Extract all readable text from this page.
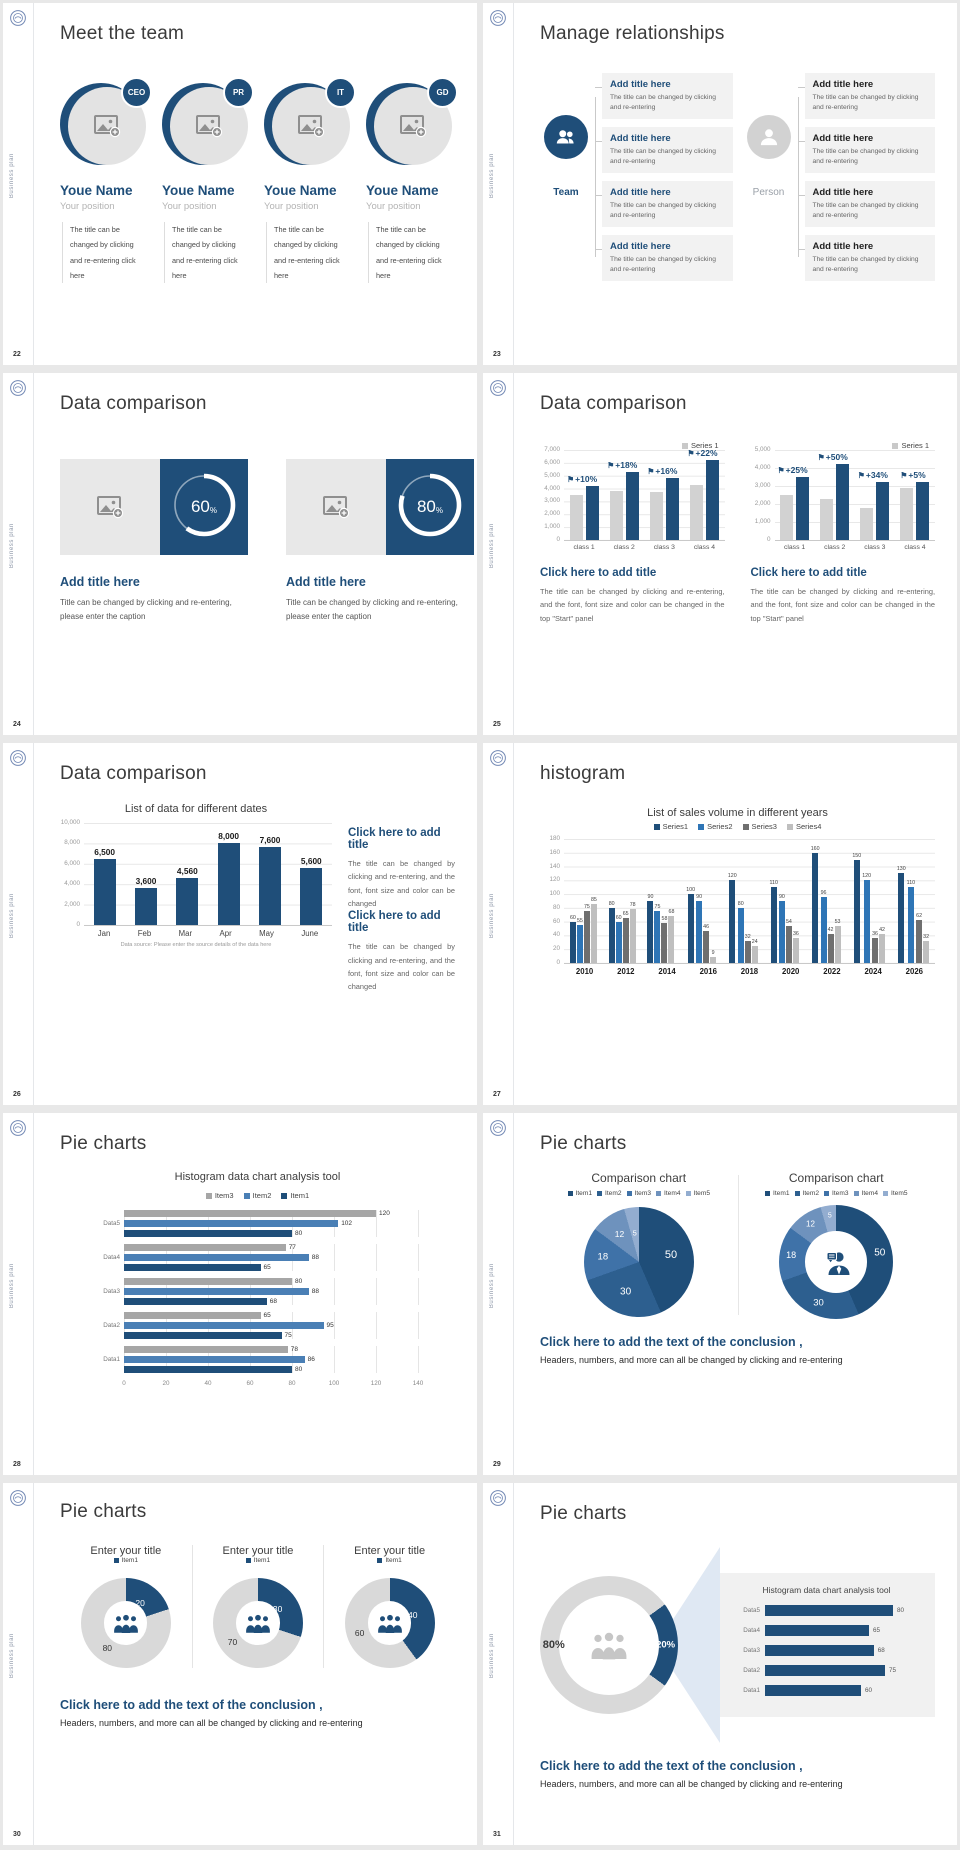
Business plan
22
Meet the team
CEO
Youe Name
Your position
The title can be changed by clicking and re-entering click here
PR
Youe Name
Your position
The title can be changed by clicking and re-entering click here
IT
Youe Name
Your position
The title can be changed by clicking and re-entering click here
GD
Youe Name
Your position
The title can be changed by clicking and re-entering click here
Business plan
23
Manage relationships
Team
Add title here
The title can be changed by clicking and re-entering
Add title here
The title can be changed by clicking and re-entering
Add title here
The title can be changed by clicking and re-entering
Add title here
The title can be changed by clicking and re-entering
Person
Add title here
The title can be changed by clicking and re-entering
Add title here
The title can be changed by clicking and re-entering
Add title here
The title can be changed by clicking and re-entering
Add title here
The title can be changed by clicking and re-entering
Business plan
24
Data comparison
60 %
Add title here

Title can be changed by clicking and re-entering, please enter the caption

80 %
Add title here

Title can be changed by clicking and re-entering, please enter the caption

Business plan
25
Data comparison
Series 1
7,000
6,000
5,000
4,000
3,000
2,000
1,000
0
⚑ +10%
⚑ +18%
⚑ +16%
⚑ +22%
class 1	class 2	class 3	class 4
Click here to add title

The title can be changed by clicking and re-entering, and the font, font size and color can be changed in the top "Start" panel

Series 1
5,000
4,000
3,000
2,000
1,000
0
⚑ +25%
⚑ +50%
⚑ +34% ⚑ +5%
class 1	class 2	class 3	class 4
Click here to add title

The title can be changed by clicking and re-entering, and the font, font size and color can be changed in the top "Start" panel

Business plan
26
Data comparison
List of data for different dates
10,000
8,000
6,000
4,000
2,000
0
6,500
3,600
4,560
8,000 7,600
5,600
Jan	Feb	Mar	Apr	May	June
Data source: Please enter the source details of the data here
Click here to add title

The title can be changed by clicking and re-entering, and the font, font size and color can be changed

Click here to add title

The title can be changed by clicking and re-entering, and the font, font size and color can be changed

Business plan
27
histogram
List of sales volume in different years
Series1	Series2	Series3	Series4
180
160
140
120
100
80
60
40
20
0
60 55
75
85
80
60
65
78
90
75
58
68
100
90
46
9
120
80
32
24
110
90
54
36
160
96
42
53
150
120
36
42
130
110
62
32
2010	2012	2014	2016	2018	2020	2022	2024	2026
Business plan
28
Pie charts
Histogram data chart analysis tool
Item3	Item2	Item1
Data5
120
102
80
Data4
77
88
65
Data3
80
88
68
Data2
65
95
75
Data1
78
86
80
0	20	40	60	80	100	120	140
Business plan
29
Pie charts
Comparison chart
Item1 Item2 Item3 Item4 Item5
50
30
18
12 5
Comparison chart
Item1 Item2 Item3 Item4 Item5
50
30
18
12
5
Click here to add the text of the conclusion ,

Headers, numbers, and more can all be changed by clicking and re-entering

Business plan
30
Pie charts
Enter your title
Item1
20
80
Enter your title
Item1
30
70
Enter your title
Item1
40
60
Click here to add the text of the conclusion ,

Headers, numbers, and more can all be changed by clicking and re-entering

Business plan
31
Pie charts
80%	20%
Histogram data chart analysis tool
Data5	80
Data4	65
Data3	68
Data2	75
Data1	60
Click here to add the text of the conclusion ,

Headers, numbers, and more can all be changed by clicking and re-entering
